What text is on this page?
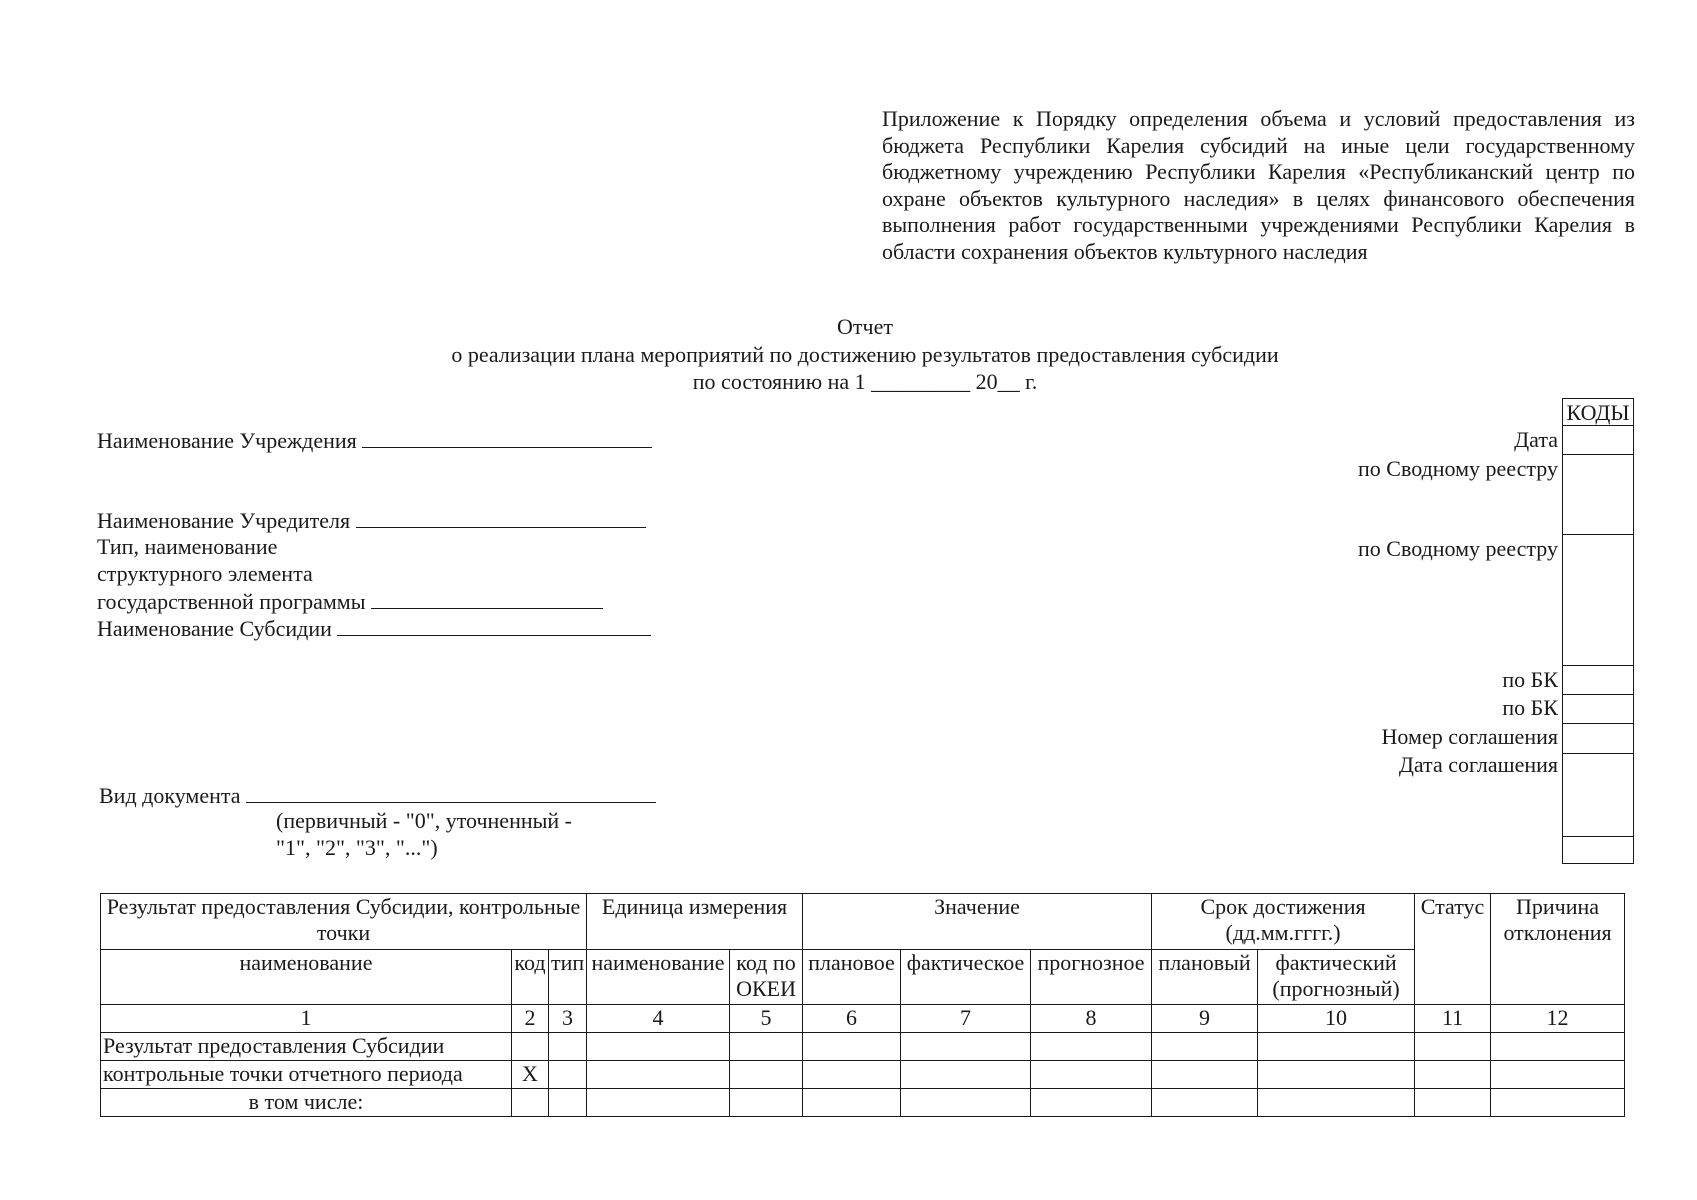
Приложение к Порядку определения объема и условий предоставления из бюджета Республики Карелия субсидий на иные цели государственному бюджетному учреждению Республики Карелия «Республиканский центр по охране объектов культурного наследия» в целях финансового обеспечения выполнения работ государственными учреждениями Республики Карелия в области сохранения объектов культурного наследия
Отчет
о реализации плана мероприятий по достижению результатов предоставления субсидии
по состоянию на 1 _________ 20__ г.
Наименование Учреждения
Наименование Учредителя
Тип, наименование
структурного элемента
государственной программы
Наименование Субсидии
Вид документа
(первичный - "0", уточненный -
"1", "2", "3", "...")
Дата
по Сводному реестру
по Сводному реестру
по БК
по БК
Номер соглашения
Дата соглашения
КОДЫ
Результат предоставления Субсидии, контрольные точки			Единица измерения		Значение			Срок достижения (дд.мм.гггг.)		Статус	Причина отклонения
наименование	код	тип	наименование	код по ОКЕИ	плановое	фактическое	прогнозное	плановый	фактический (прогнозный)		
1	2	3	4	5	6	7	8	9	10	11	12
Результат предоставления Субсидии											
контрольные точки отчетного периода	X										
в том числе:											
